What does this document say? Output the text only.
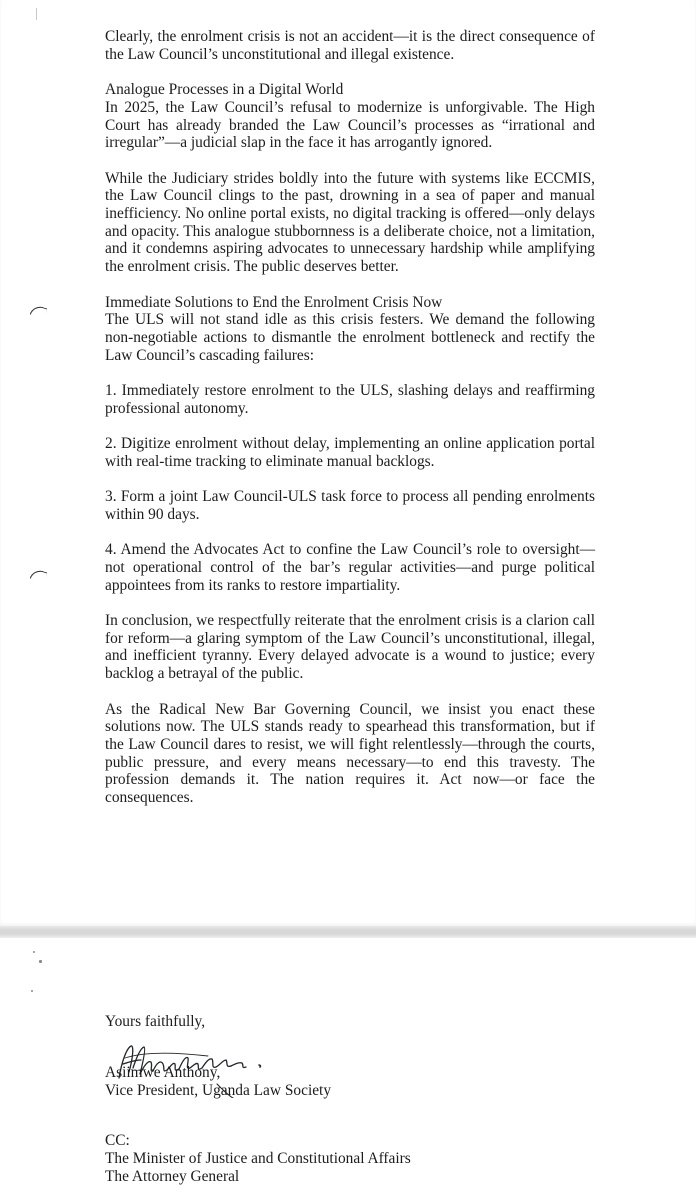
Clearly, the enrolment crisis is not an accident—it is the direct consequence of the Law Council’s unconstitutional and illegal existence.

Analogue Processes in a Digital World

In 2025, the Law Council’s refusal to modernize is unforgivable. The High Court has already branded the Law Council’s processes as “irrational and irregular”—a judicial slap in the face it has arrogantly ignored.

While the Judiciary strides boldly into the future with systems like ECCMIS, the Law Council clings to the past, drowning in a sea of paper and manual inefficiency. No online portal exists, no digital tracking is offered—only delays and opacity. This analogue stubbornness is a deliberate choice, not a limitation, and it condemns aspiring advocates to unnecessary hardship while amplifying the enrolment crisis. The public deserves better.

Immediate Solutions to End the Enrolment Crisis Now

The ULS will not stand idle as this crisis festers. We demand the following non-negotiable actions to dismantle the enrolment bottleneck and rectify the Law Council’s cascading failures:

1. Immediately restore enrolment to the ULS, slashing delays and reaffirming professional autonomy.

2. Digitize enrolment without delay, implementing an online application portal with real-time tracking to eliminate manual backlogs.

3. Form a joint Law Council-ULS task force to process all pending enrolments within 90 days.

4. Amend the Advocates Act to confine the Law Council’s role to oversight—not operational control of the bar’s regular activities—and purge political appointees from its ranks to restore impartiality.

In conclusion, we respectfully reiterate that the enrolment crisis is a clarion call for reform—a glaring symptom of the Law Council’s unconstitutional, illegal, and inefficient tyranny. Every delayed advocate is a wound to justice; every backlog a betrayal of the public.

As the Radical New Bar Governing Council, we insist you enact these solutions now. The ULS stands ready to spearhead this transformation, but if the Law Council dares to resist, we will fight relentlessly—through the courts, public pressure, and every means necessary—to end this travesty. The profession demands it. The nation requires it. Act now—or face the consequences.

Yours faithfully,
Asiimwe Anthony,
Vice President, Uganda Law Society
CC:
The Minister of Justice and Constitutional Affairs
The Attorney General
